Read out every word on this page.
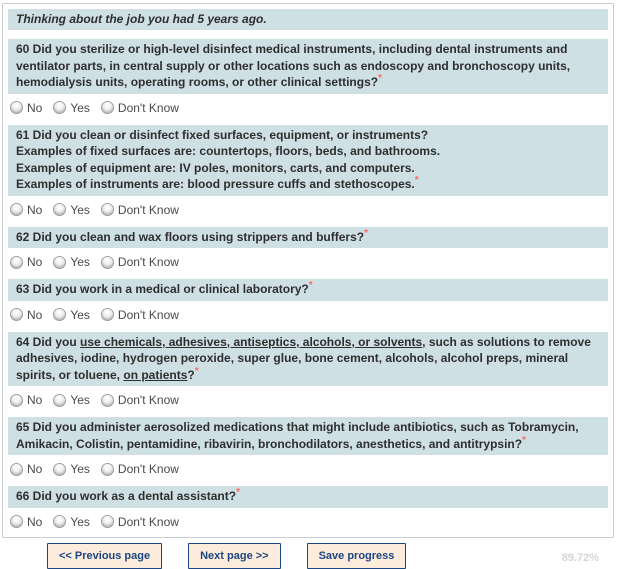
Thinking about the job you had 5 years ago.
60 Did you sterilize or high-level disinfect medical instruments, including dental instruments and ventilator parts, in central supply or other locations such as endoscopy and bronchoscopy units, hemodialysis units, operating rooms, or other clinical settings?*
No Yes Don't Know
61 Did you clean or disinfect fixed surfaces, equipment, or instruments?
Examples of fixed surfaces are: countertops, floors, beds, and bathrooms.
Examples of equipment are: IV poles, monitors, carts, and computers.
Examples of instruments are: blood pressure cuffs and stethoscopes.*
No Yes Don't Know
62 Did you clean and wax floors using strippers and buffers?*
No Yes Don't Know
63 Did you work in a medical or clinical laboratory?*
No Yes Don't Know
64 Did you use chemicals, adhesives, antiseptics, alcohols, or solvents, such as solutions to remove adhesives, iodine, hydrogen peroxide, super glue, bone cement, alcohols, alcohol preps, mineral spirits, or toluene, on patients?*
No Yes Don't Know
65 Did you administer aerosolized medications that might include antibiotics, such as Tobramycin, Amikacin, Colistin, pentamidine, ribavirin, bronchodilators, anesthetics, and antitrypsin?*
No Yes Don't Know
66 Did you work as a dental assistant?*
No Yes Don't Know
<< Previous page	Next page >>	Save progress	89.72%
